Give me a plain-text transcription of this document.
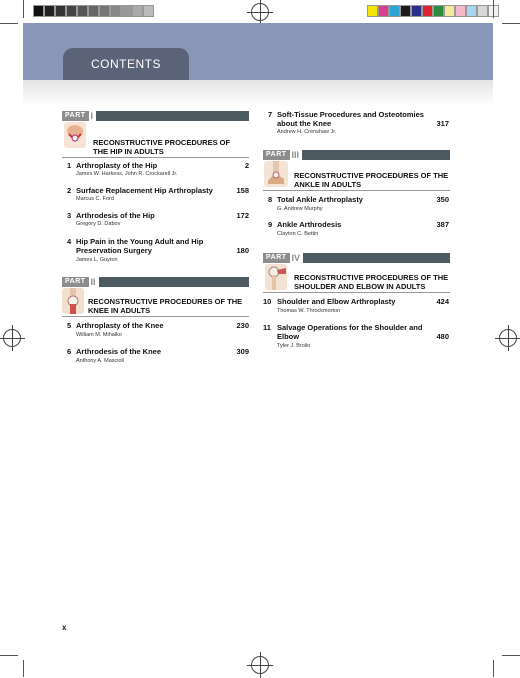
CONTENTS
PART I
RECONSTRUCTIVE PROCEDURES OF
THE HIP IN ADULTS
1 Arthroplasty of the Hip	2
James W. Harkess, John R. Crockarell Jr.
2 Surface Replacement Hip Arthroplasty	158
Marcus C. Ford
3 Arthrodesis of the Hip	172
Gregory D. Dabov
4 Hip Pain in the Young Adult and Hip
Preservation Surgery	180
James L. Guyton
PART II
RECONSTRUCTIVE PROCEDURES OF THE
KNEE IN ADULTS
5 Arthroplasty of the Knee	230
William M. Mihalko
6 Arthrodesis of the Knee	309
Anthony A. Mascioli
7 Soft-Tissue Procedures and Osteotomies
about the Knee	317
Andrew H. Crenshaw Jr.
PART III
RECONSTRUCTIVE PROCEDURES OF THE
ANKLE IN ADULTS
8 Total Ankle Arthroplasty	350
G. Andrew Murphy
9 Ankle Arthrodesis	387
Clayton C. Bettin
PART IV
RECONSTRUCTIVE PROCEDURES OF THE
SHOULDER AND ELBOW IN ADULTS
10 Shoulder and Elbow Arthroplasty	424
Thomas W. Throckmorton
11 Salvage Operations for the Shoulder and
Elbow	480
Tyler J. Brolin
x
